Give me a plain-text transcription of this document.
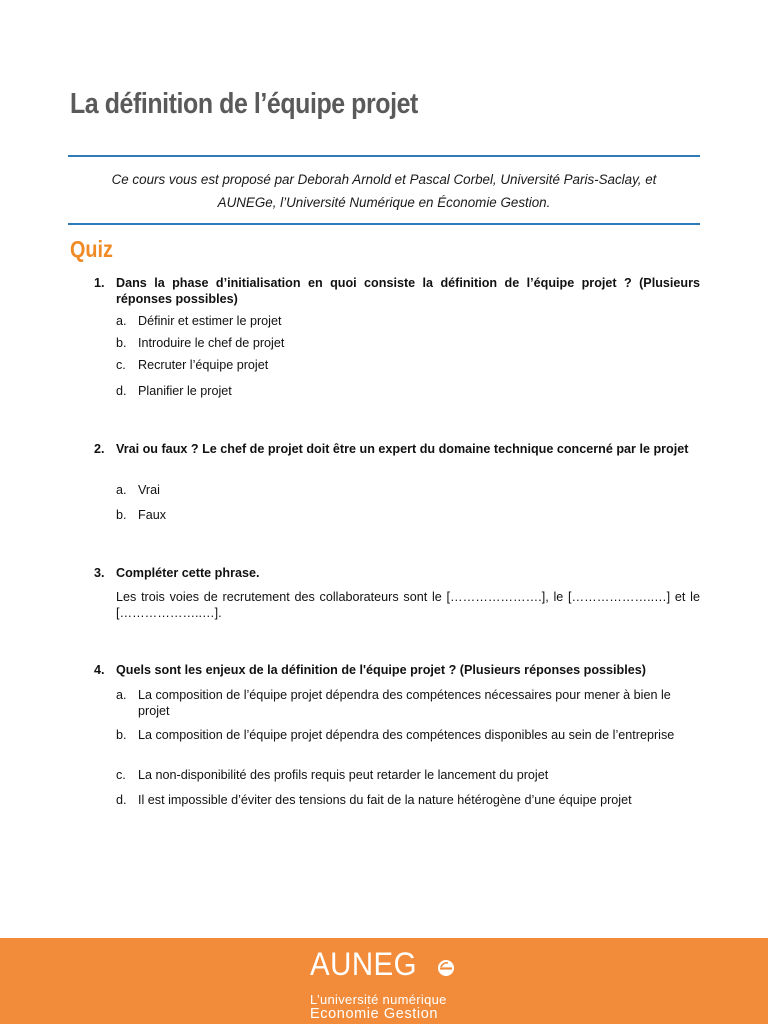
La définition de l’équipe projet
Ce cours vous est proposé par Deborah Arnold et Pascal Corbel, Université Paris-Saclay, et
AUNEGe, l’Université Numérique en Économie Gestion.
Quiz
1. Dans la phase d’initialisation en quoi consiste la définition de l’équipe projet ? (Plusieurs réponses possibles)
a. Définir et estimer le projet
b. Introduire le chef de projet
c. Recruter l’équipe projet
d. Planifier le projet
2. Vrai ou faux ? Le chef de projet doit être un expert du domaine technique concerné par le projet
a. Vrai
b. Faux
3. Compléter cette phrase.
Les trois voies de recrutement des collaborateurs sont le [………………….], le [………………..…] et le [………………..…].
4. Quels sont les enjeux de la définition de l'équipe projet ? (Plusieurs réponses possibles)
a. La composition de l’équipe projet dépendra des compétences nécessaires pour mener à bien le projet
b. La composition de l’équipe projet dépendra des compétences disponibles au sein de l’entreprise
c. La non-disponibilité des profils requis peut retarder le lancement du projet
d. Il est impossible d’éviter des tensions du fait de la nature hétérogène d’une équipe projet
AUNEG
L’université numérique
Economie Gestion
